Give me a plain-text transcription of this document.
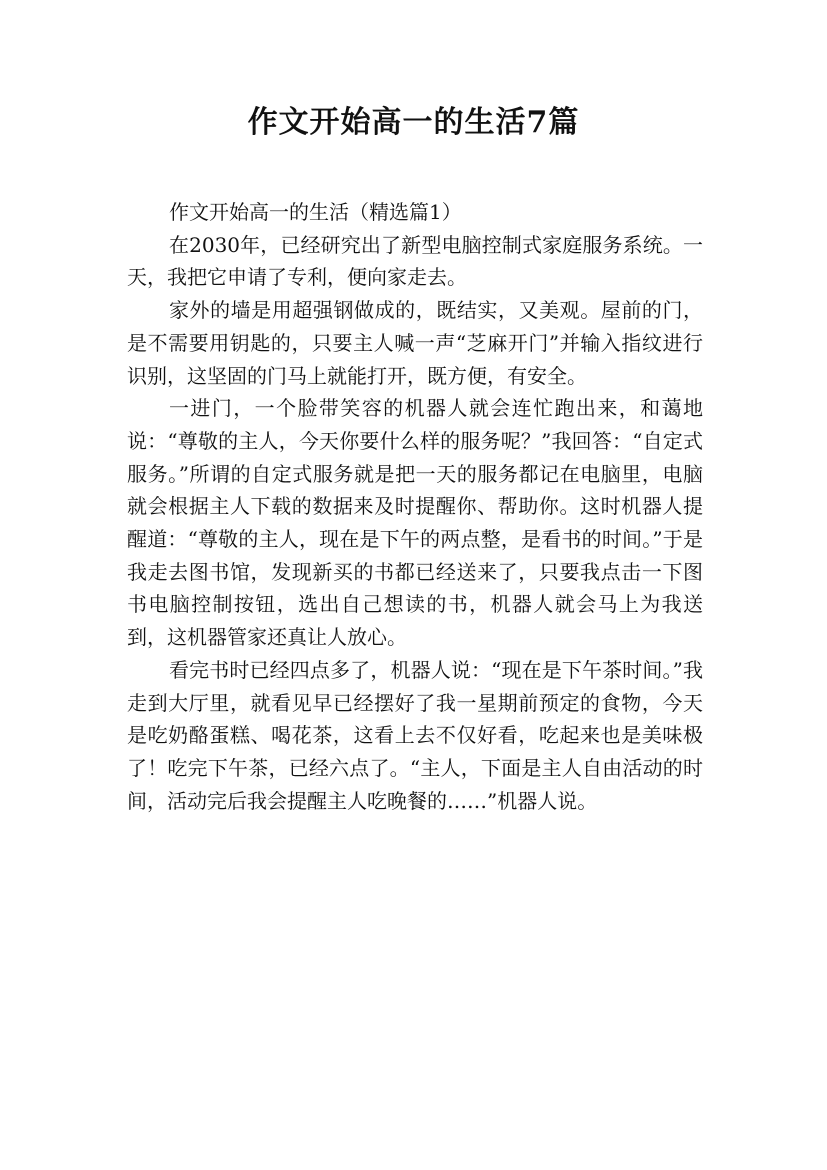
作文开始高一的生活7篇

作文开始高一的生活（精选篇1）

在2030年，已经研究出了新型电脑控制式家庭服务系统。一天，我把它申请了专利，便向家走去。

家外的墙是用超强钢做成的，既结实，又美观。屋前的门，是不需要用钥匙的，只要主人喊一声“芝麻开门”并输入指纹进行识别，这坚固的门马上就能打开，既方便，有安全。

一进门，一个脸带笑容的机器人就会连忙跑出来，和蔼地说：“尊敬的主人，今天你要什么样的服务呢？”我回答：“自定式服务。”所谓的自定式服务就是把一天的服务都记在电脑里，电脑就会根据主人下载的数据来及时提醒你、帮助你。这时机器人提醒道：“尊敬的主人，现在是下午的两点整，是看书的时间。”于是我走去图书馆，发现新买的书都已经送来了，只要我点击一下图书电脑控制按钮，选出自己想读的书，机器人就会马上为我送到，这机器管家还真让人放心。

看完书时已经四点多了，机器人说：“现在是下午茶时间。”我走到大厅里，就看见早已经摆好了我一星期前预定的食物，今天是吃奶酪蛋糕、喝花茶，这看上去不仅好看，吃起来也是美味极了！吃完下午茶，已经六点了。“主人，下面是主人自由活动的时间，活动完后我会提醒主人吃晚餐的……”机器人说。
